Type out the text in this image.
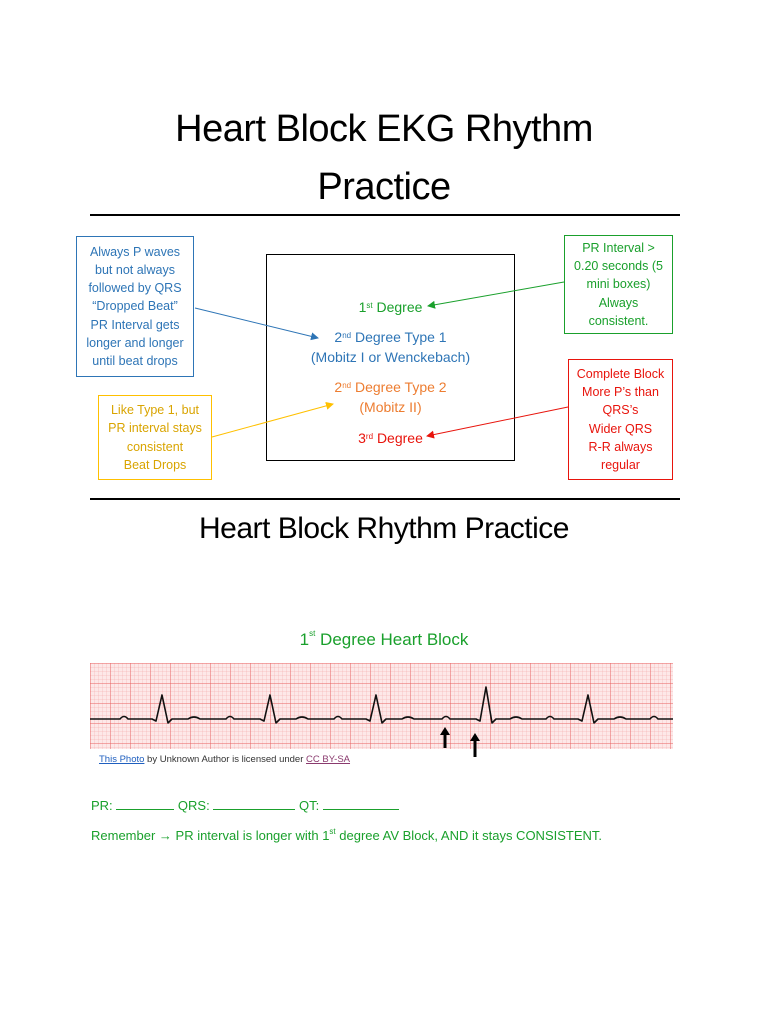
Heart Block EKG Rhythm
Practice
1st Degree
2nd Degree Type 1
(Mobitz I or Wenckebach)
2nd Degree Type 2
(Mobitz II)
3rd Degree
Always P waves
but not always
followed by QRS
“Dropped Beat”
PR Interval gets
longer and longer
until beat drops
Like Type 1, but
PR interval stays
consistent
Beat Drops
PR Interval >
0.20 seconds (5
mini boxes)
Always
consistent.
Complete Block
More P’s than
QRS’s
Wider QRS
R-R always
regular
Heart Block Rhythm Practice
1st Degree Heart Block
This Photo by Unknown Author is licensed under CC BY-SA
PR:	QRS:	QT:
Remember → PR interval is longer with 1st degree AV Block, AND it stays CONSISTENT.
